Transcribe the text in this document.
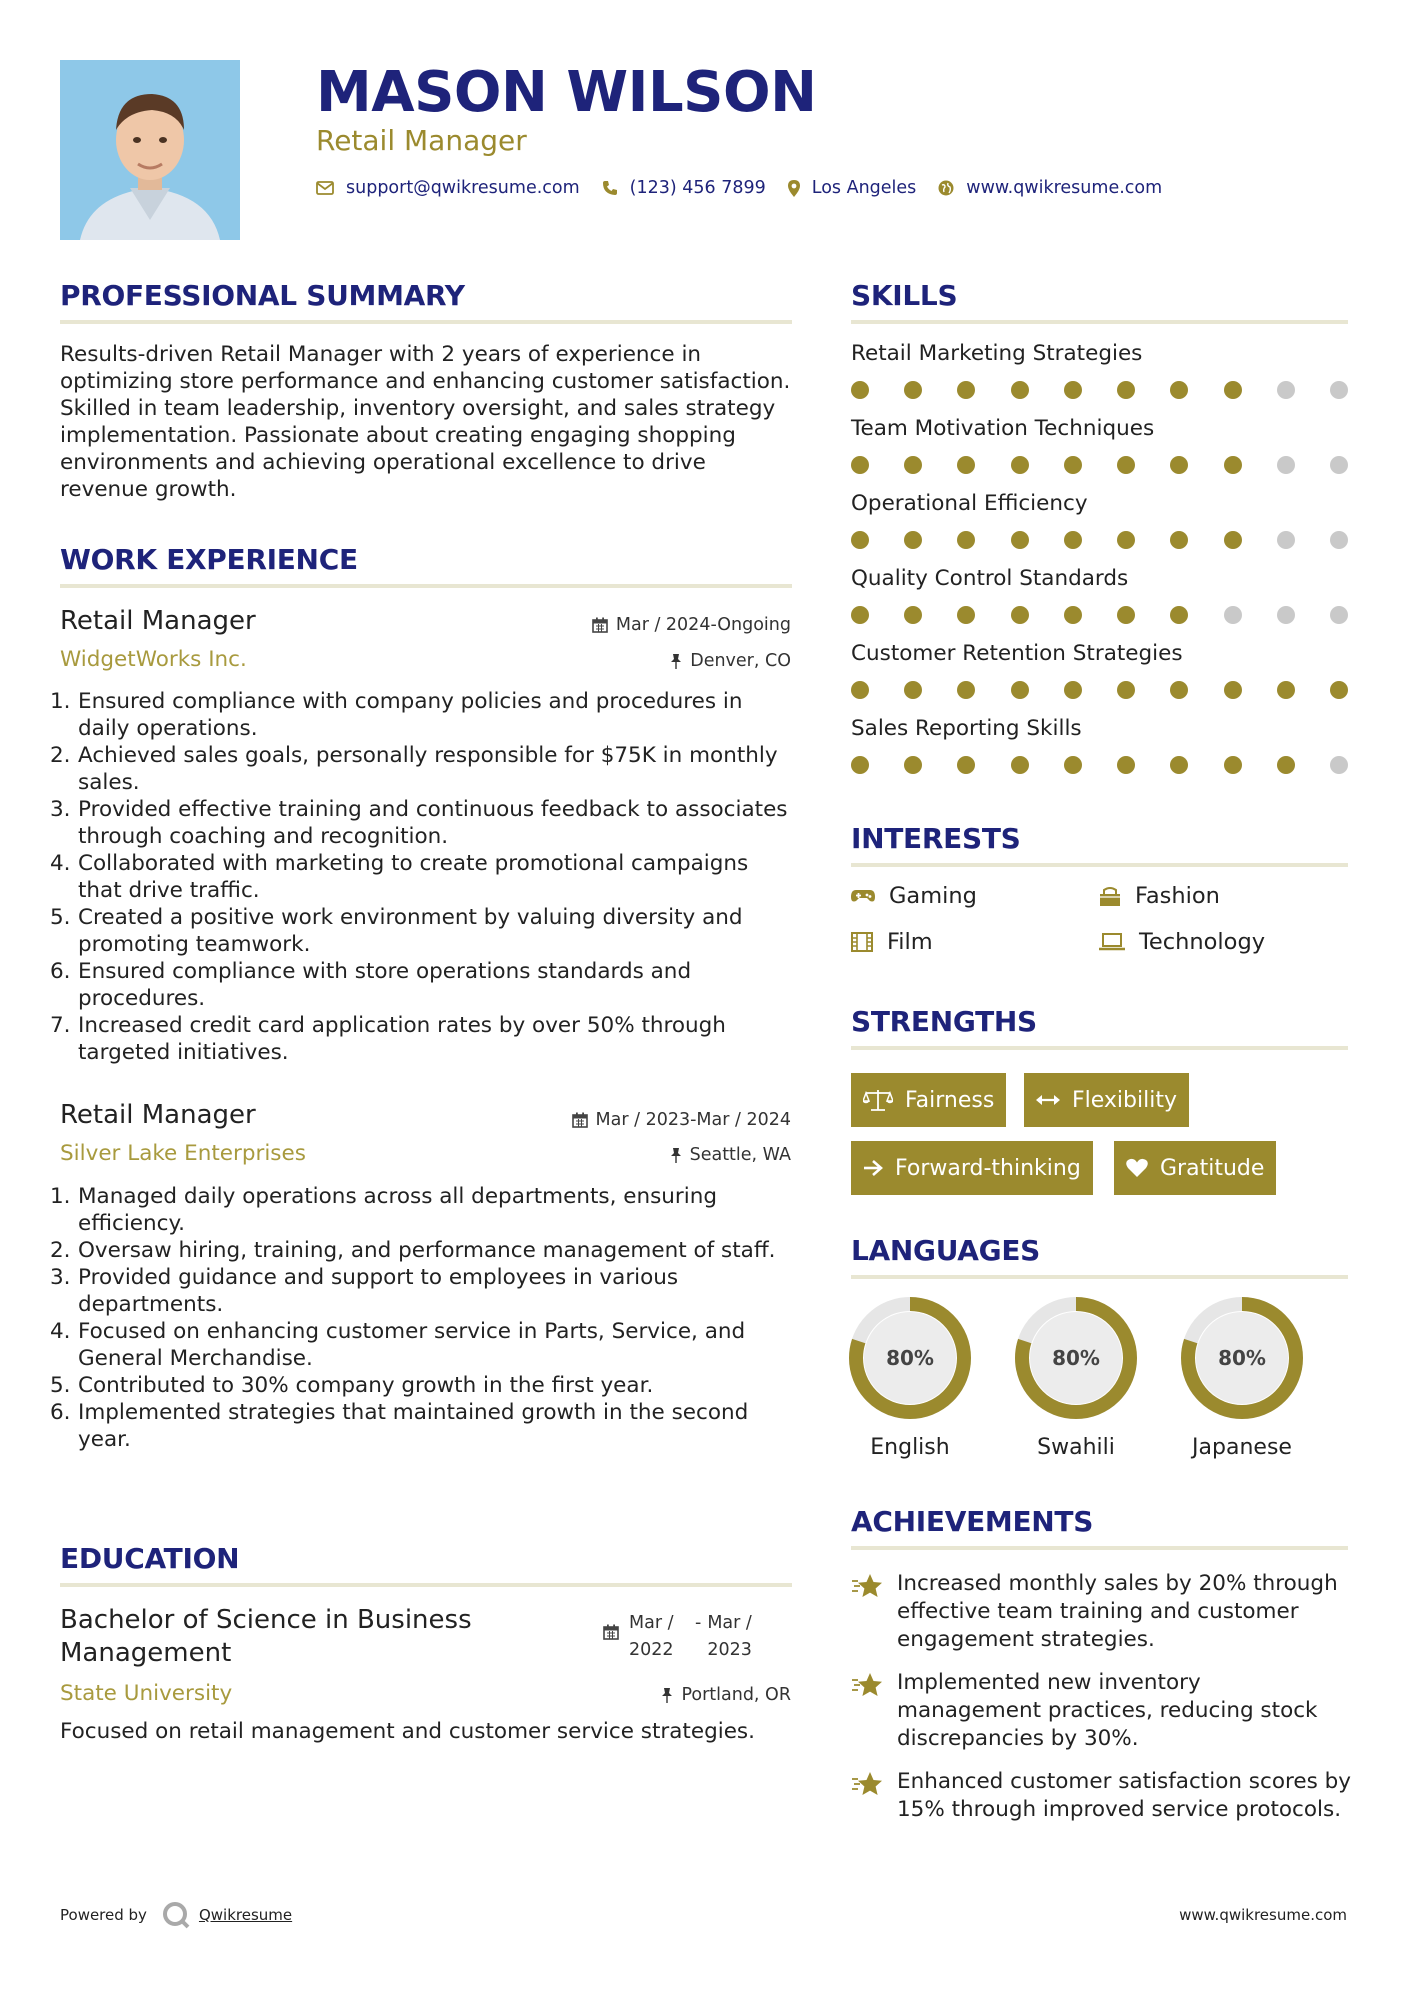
MASON WILSON
Retail Manager
support@qwikresume.com	(123) 456 7899	Los Angeles	www.qwikresume.com
PROFESSIONAL SUMMARY
Results-driven Retail Manager with 2 years of experience in optimizing store performance and enhancing customer satisfaction. Skilled in team leadership, inventory oversight, and sales strategy implementation. Passionate about creating engaging shopping environments and achieving operational excellence to drive revenue growth.
WORK EXPERIENCE
Retail Manager	Mar / 2024-Ongoing
WidgetWorks Inc.	Denver, CO
1. Ensured compliance with company policies and procedures in daily operations.
2. Achieved sales goals, personally responsible for $75K in monthly sales.
3. Provided effective training and continuous feedback to associates through coaching and recognition.
4. Collaborated with marketing to create promotional campaigns that drive traffic.
5. Created a positive work environment by valuing diversity and promoting teamwork.
6. Ensured compliance with store operations standards and procedures.
7. Increased credit card application rates by over 50% through targeted initiatives.
Retail Manager	Mar / 2023-Mar / 2024
Silver Lake Enterprises	Seattle, WA
1. Managed daily operations across all departments, ensuring efficiency.
2. Oversaw hiring, training, and performance management of staff.
3. Provided guidance and support to employees in various departments.
4. Focused on enhancing customer service in Parts, Service, and General Merchandise.
5. Contributed to 30% company growth in the first year.
6. Implemented strategies that maintained growth in the second year.
EDUCATION
Bachelor of Science in Business Management
Mar / 2022
- Mar / 2023
State University	Portland, OR
Focused on retail management and customer service strategies.
SKILLS
Retail Marketing Strategies
Team Motivation Techniques
Operational Efficiency
Quality Control Standards
Customer Retention Strategies
Sales Reporting Skills
INTERESTS
Gaming	Fashion
Film	Technology
STRENGTHS
Fairness	Flexibility
Forward-thinking	Gratitude
LANGUAGES
80%
English
80%
Swahili
80%
Japanese
ACHIEVEMENTS
Increased monthly sales by 20% through effective team training and customer engagement strategies.
Implemented new inventory management practices, reducing stock discrepancies by 30%.
Enhanced customer satisfaction scores by 15% through improved service protocols.
Powered by	Qwikresume	www.qwikresume.com
